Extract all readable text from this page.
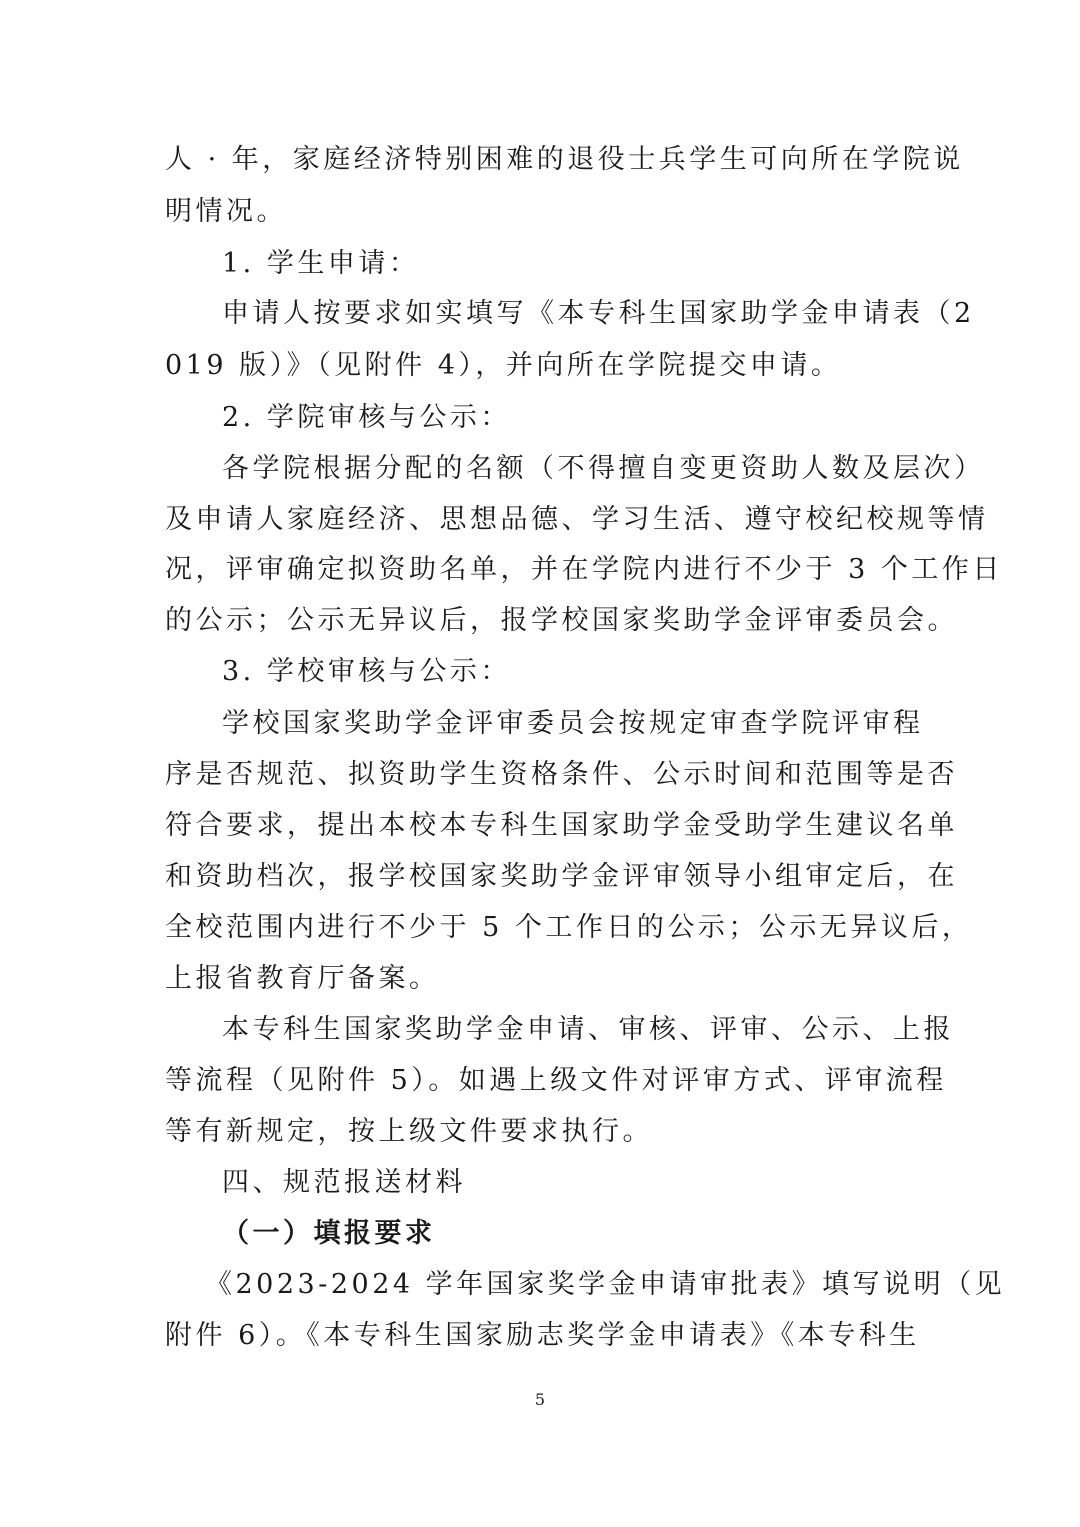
人 · 年，家庭经济特别困难的退役士兵学生可向所在学院说
明情况。
1. 学生申请：
申请人按要求如实填写《本专科生国家助学金申请表（2
019 版）》（见附件 4），并向所在学院提交申请。
2. 学院审核与公示：
各学院根据分配的名额（不得擅自变更资助人数及层次）
及申请人家庭经济、思想品德、学习生活、遵守校纪校规等情
况，评审确定拟资助名单，并在学院内进行不少于 3 个工作日
的公示；公示无异议后，报学校国家奖助学金评审委员会。
3. 学校审核与公示：
学校国家奖助学金评审委员会按规定审查学院评审程
序是否规范、拟资助学生资格条件、公示时间和范围等是否
符合要求，提出本校本专科生国家助学金受助学生建议名单
和资助档次，报学校国家奖助学金评审领导小组审定后，在
全校范围内进行不少于 5 个工作日的公示；公示无异议后，
上报省教育厅备案。
本专科生国家奖助学金申请、审核、评审、公示、上报
等流程（见附件 5）。如遇上级文件对评审方式、评审流程
等有新规定，按上级文件要求执行。
四、规范报送材料
（一）填报要求
《2023-2024 学年国家奖学金申请审批表》填写说明（见
附件 6）。《本专科生国家励志奖学金申请表》《本专科生
5
